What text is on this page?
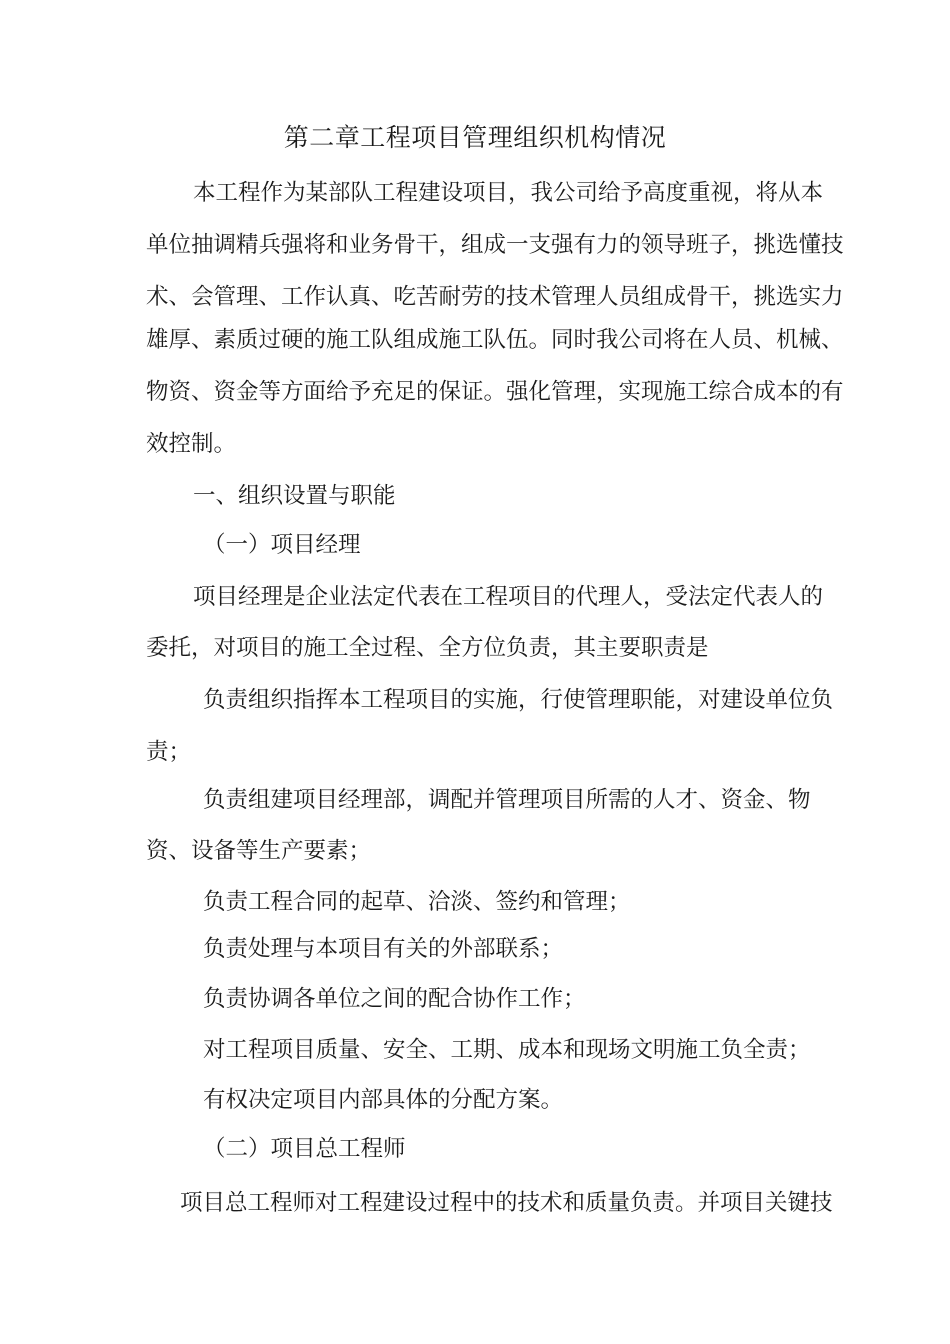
第二章工程项目管理组织机构情况
本工程作为某部队工程建设项目，我公司给予高度重视，将从本
单位抽调精兵强将和业务骨干，组成一支强有力的领导班子，挑选懂技
术、会管理、工作认真、吃苦耐劳的技术管理人员组成骨干，挑选实力
雄厚、素质过硬的施工队组成施工队伍。同时我公司将在人员、机械、
物资、资金等方面给予充足的保证。强化管理，实现施工综合成本的有
效控制。
一、组织设置与职能
（一）项目经理
项目经理是企业法定代表在工程项目的代理人，受法定代表人的
委托，对项目的施工全过程、全方位负责，其主要职责是
负责组织指挥本工程项目的实施，行使管理职能，对建设单位负
责；
负责组建项目经理部，调配并管理项目所需的人才、资金、物
资、设备等生产要素；
负责工程合同的起草、洽淡、签约和管理；
负责处理与本项目有关的外部联系；
负责协调各单位之间的配合协作工作；
对工程项目质量、安全、工期、成本和现场文明施工负全责；
有权决定项目内部具体的分配方案。
（二）项目总工程师
项目总工程师对工程建设过程中的技术和质量负责。并项目关键技
